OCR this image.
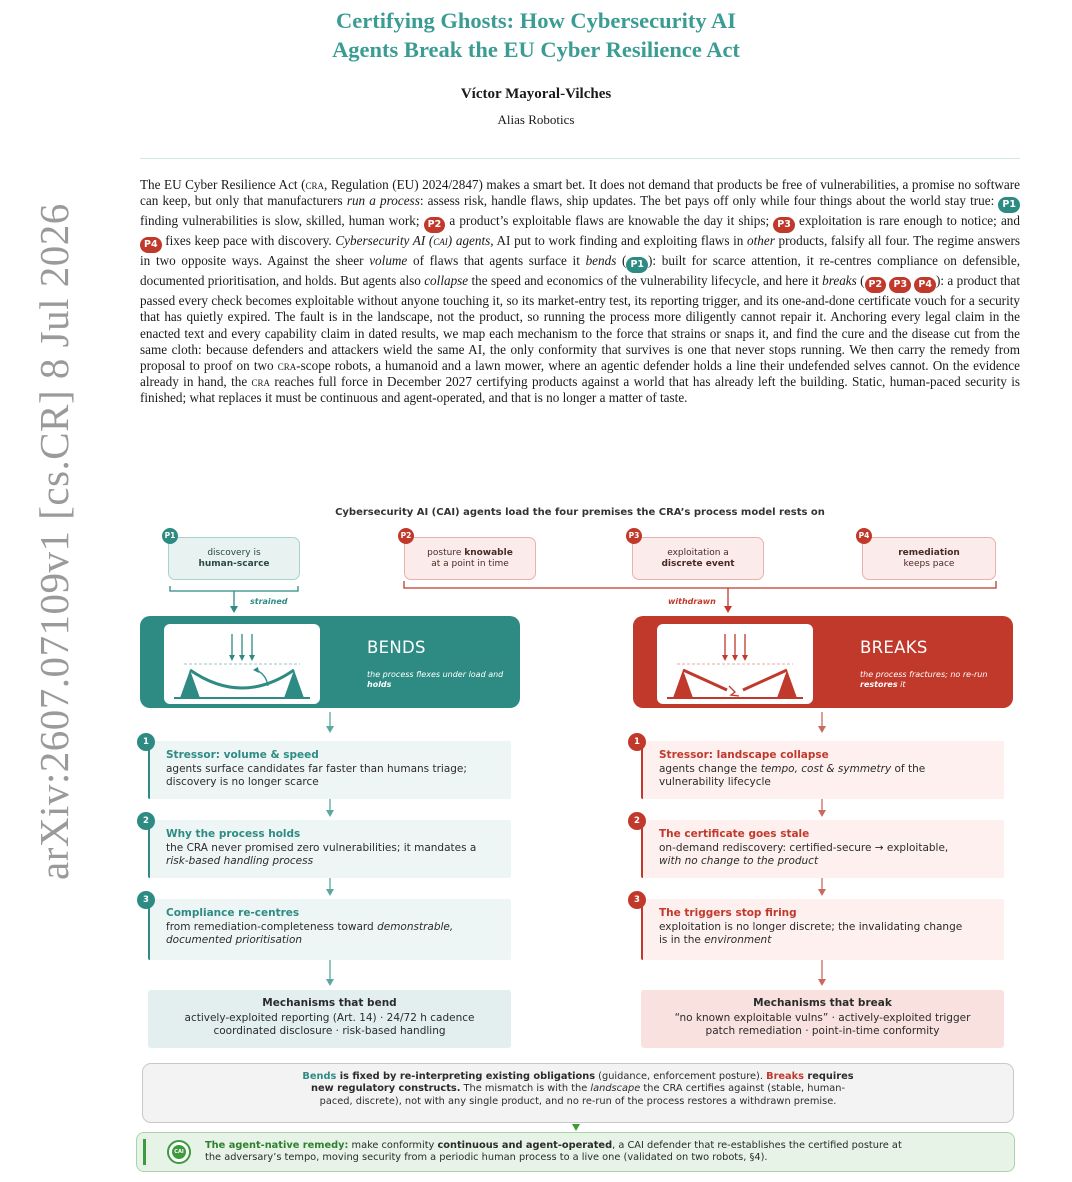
arXiv:2607.07109v1 [cs.CR] 8 Jul 2026
Certifying Ghosts: How Cybersecurity AI
Agents Break the EU Cyber Resilience Act
Víctor Mayoral-Vilches
Alias Robotics
The EU Cyber Resilience Act (cra, Regulation (EU) 2024/2847) makes a smart bet. It does not demand that products be free of vulnerabilities, a promise no software can keep, but only that manufacturers run a process: assess risk, handle flaws, ship updates. The bet pays off only while four things about the world stay true: P1 finding vulnerabilities is slow, skilled, human work; P2 a product’s exploitable flaws are knowable the day it ships; P3 exploitation is rare enough to notice; and P4 fixes keep pace with discovery. Cybersecurity AI (cai) agents, AI put to work finding and exploiting flaws in other products, falsify all four. The regime answers in two opposite ways. Against the sheer volume of flaws that agents surface it bends ( P1 ): built for scarce attention, it re-centres compliance on defensible, documented prioritisation, and holds. But agents also collapse the speed and economics of the vulnerability lifecycle, and here it breaks ( P2 P3 P4 ): a product that passed every check becomes exploitable without anyone touching it, so its market-entry test, its reporting trigger, and its one-and-done certificate vouch for a security that has quietly expired. The fault is in the landscape, not the product, so running the process more diligently cannot repair it. Anchoring every legal claim in the enacted text and every capability claim in dated results, we map each mechanism to the force that strains or snaps it, and find the cure and the disease cut from the same cloth: because defenders and attackers wield the same AI, the only conformity that survives is one that never stops running. We then carry the remedy from proposal to proof on two cra-scope robots, a humanoid and a lawn mower, where an agentic defender holds a line their undefended selves cannot. On the evidence already in hand, the cra reaches full force in December 2027 certifying products against a world that has already left the building. Static, human-paced security is finished; what replaces it must be continuous and agent-operated, and that is no longer a matter of taste.
Cybersecurity AI (CAI) agents load the four premises the CRA’s process model rests on
strained	withdrawn
discovery is
human-scarce
P1
posture knowable
at a point in time
P2
exploitation a
discrete event
P3
remediation
keeps pace
P4
BENDS
the process flexes under load and
holds
BREAKS
the process fractures; no re-run
restores it
Stressor: volume & speed
agents surface candidates far faster than humans triage;
discovery is no longer scarce
1
Why the process holds
the CRA never promised zero vulnerabilities; it mandates a
risk-based handling process
2
Compliance re-centres
from remediation-completeness toward demonstrable,
documented prioritisation
3
Mechanisms that bend
actively-exploited reporting (Art. 14) · 24/72 h cadence
coordinated disclosure · risk-based handling
Stressor: landscape collapse
agents change the tempo, cost & symmetry of the
vulnerability lifecycle
1
The certificate goes stale
on-demand rediscovery: certified-secure → exploitable,
with no change to the product
2
The triggers stop firing
exploitation is no longer discrete; the invalidating change
is in the environment
3
Mechanisms that break
“no known exploitable vulns” · actively-exploited trigger
patch remediation · point-in-time conformity
Bends is fixed by re-interpreting existing obligations (guidance, enforcement posture). Breaks requires
new regulatory constructs. The mismatch is with the landscape the CRA certifies against (stable, human-
paced, discrete), not with any single product, and no re-run of the process restores a withdrawn premise.
CAI
The agent-native remedy: make conformity continuous and agent-operated, a CAI defender that re-establishes the certified posture at
the adversary’s tempo, moving security from a periodic human process to a live one (validated on two robots, §4).
